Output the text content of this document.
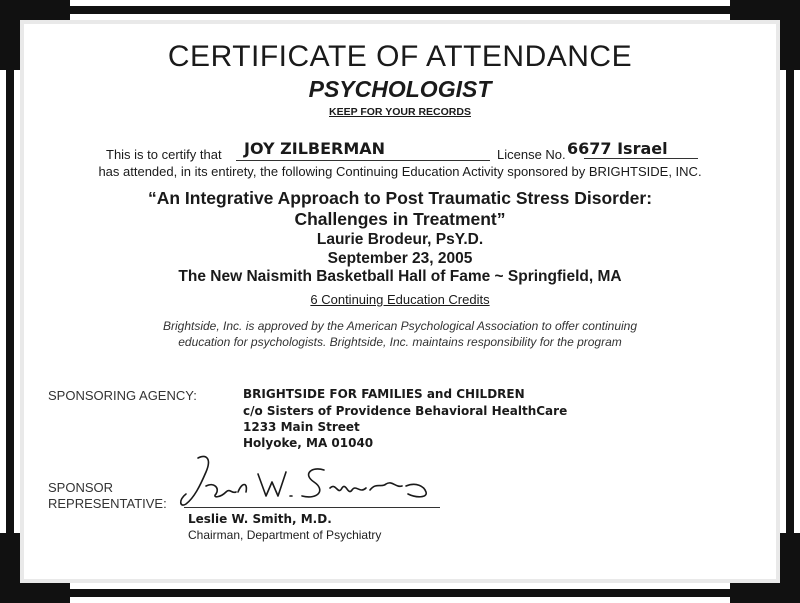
CERTIFICATE OF ATTENDANCE
PSYCHOLOGIST
KEEP FOR YOUR RECORDS
This is to certify that JOY ZILBERMAN	License No. 6677 Israel
has attended, in its entirety, the following Continuing Education Activity sponsored by BRIGHTSIDE, INC.
“An Integrative Approach to Post Traumatic Stress Disorder:
Challenges in Treatment”
Laurie Brodeur, PsY.D.
September 23, 2005
The New Naismith Basketball Hall of Fame ~ Springfield, MA
6 Continuing Education Credits
Brightside, Inc. is approved by the American Psychological Association to offer continuing
education for psychologists. Brightside, Inc. maintains responsibility for the program
SPONSORING AGENCY:	BRIGHTSIDE FOR FAMILIES and CHILDREN
c/o Sisters of Providence Behavioral HealthCare
1233 Main Street
Holyoke, MA 01040
SPONSOR
REPRESENTATIVE:
Leslie W. Smith, M.D.
Chairman, Department of Psychiatry
